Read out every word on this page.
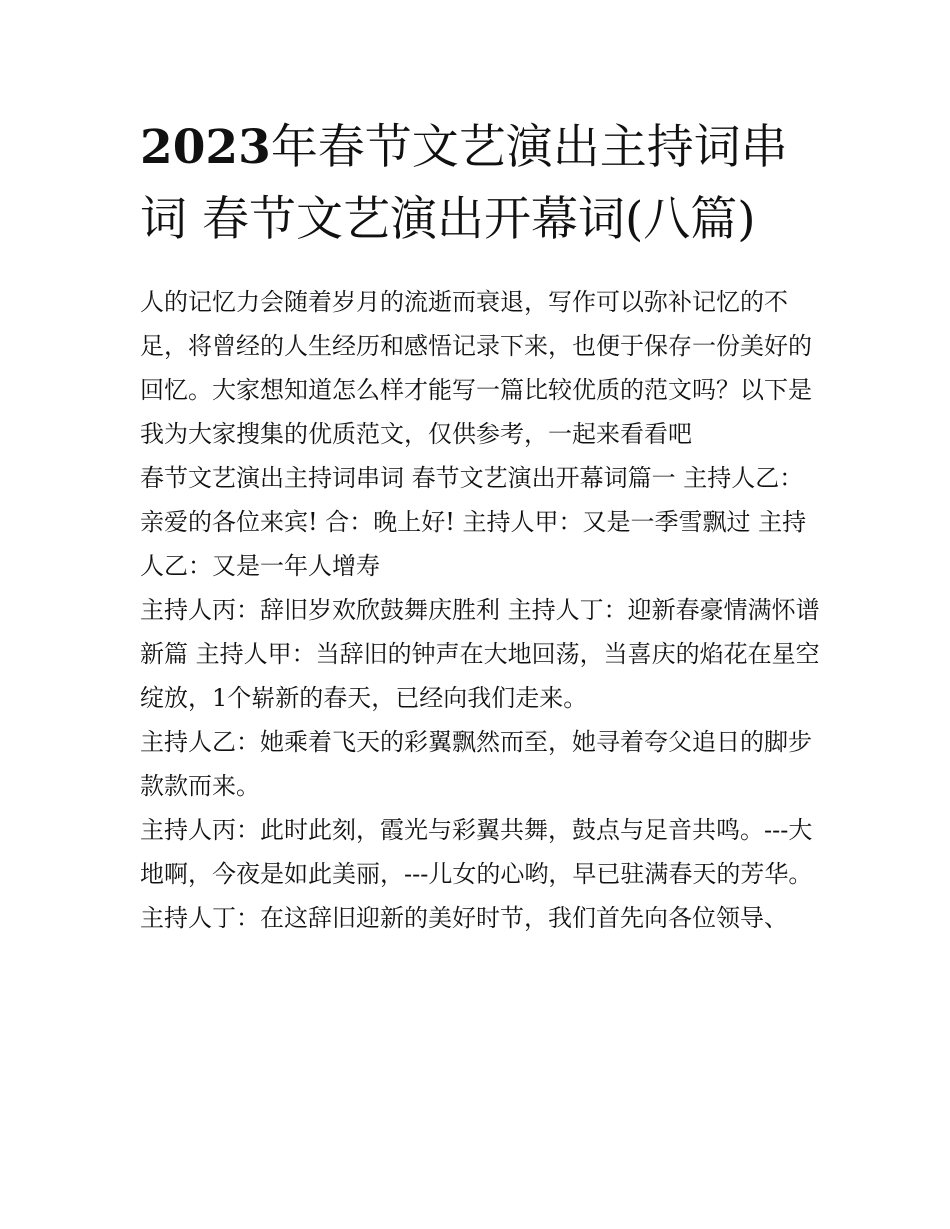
2023年春节文艺演出主持词串词 春节文艺演出开幕词(八篇)

人的记忆力会随着岁月的流逝而衰退，写作可以弥补记忆的不足，将曾经的人生经历和感悟记录下来，也便于保存一份美好的回忆。大家想知道怎么样才能写一篇比较优质的范文吗？以下是我为大家搜集的优质范文，仅供参考，一起来看看吧

春节文艺演出主持词串词 春节文艺演出开幕词篇一 主持人乙：亲爱的各位来宾! 合：晚上好! 主持人甲：又是一季雪飘过 主持人乙：又是一年人增寿

主持人丙：辞旧岁欢欣鼓舞庆胜利 主持人丁：迎新春豪情满怀谱新篇 主持人甲：当辞旧的钟声在大地回荡，当喜庆的焰花在星空绽放，1个崭新的春天，已经向我们走来。

主持人乙：她乘着飞天的彩翼飘然而至，她寻着夸父追日的脚步款款而来。

主持人丙：此时此刻，霞光与彩翼共舞，鼓点与足音共鸣。---大地啊，今夜是如此美丽，---儿女的心哟，早已驻满春天的芳华。

主持人丁：在这辞旧迎新的美好时节，我们首先向各位领导、
